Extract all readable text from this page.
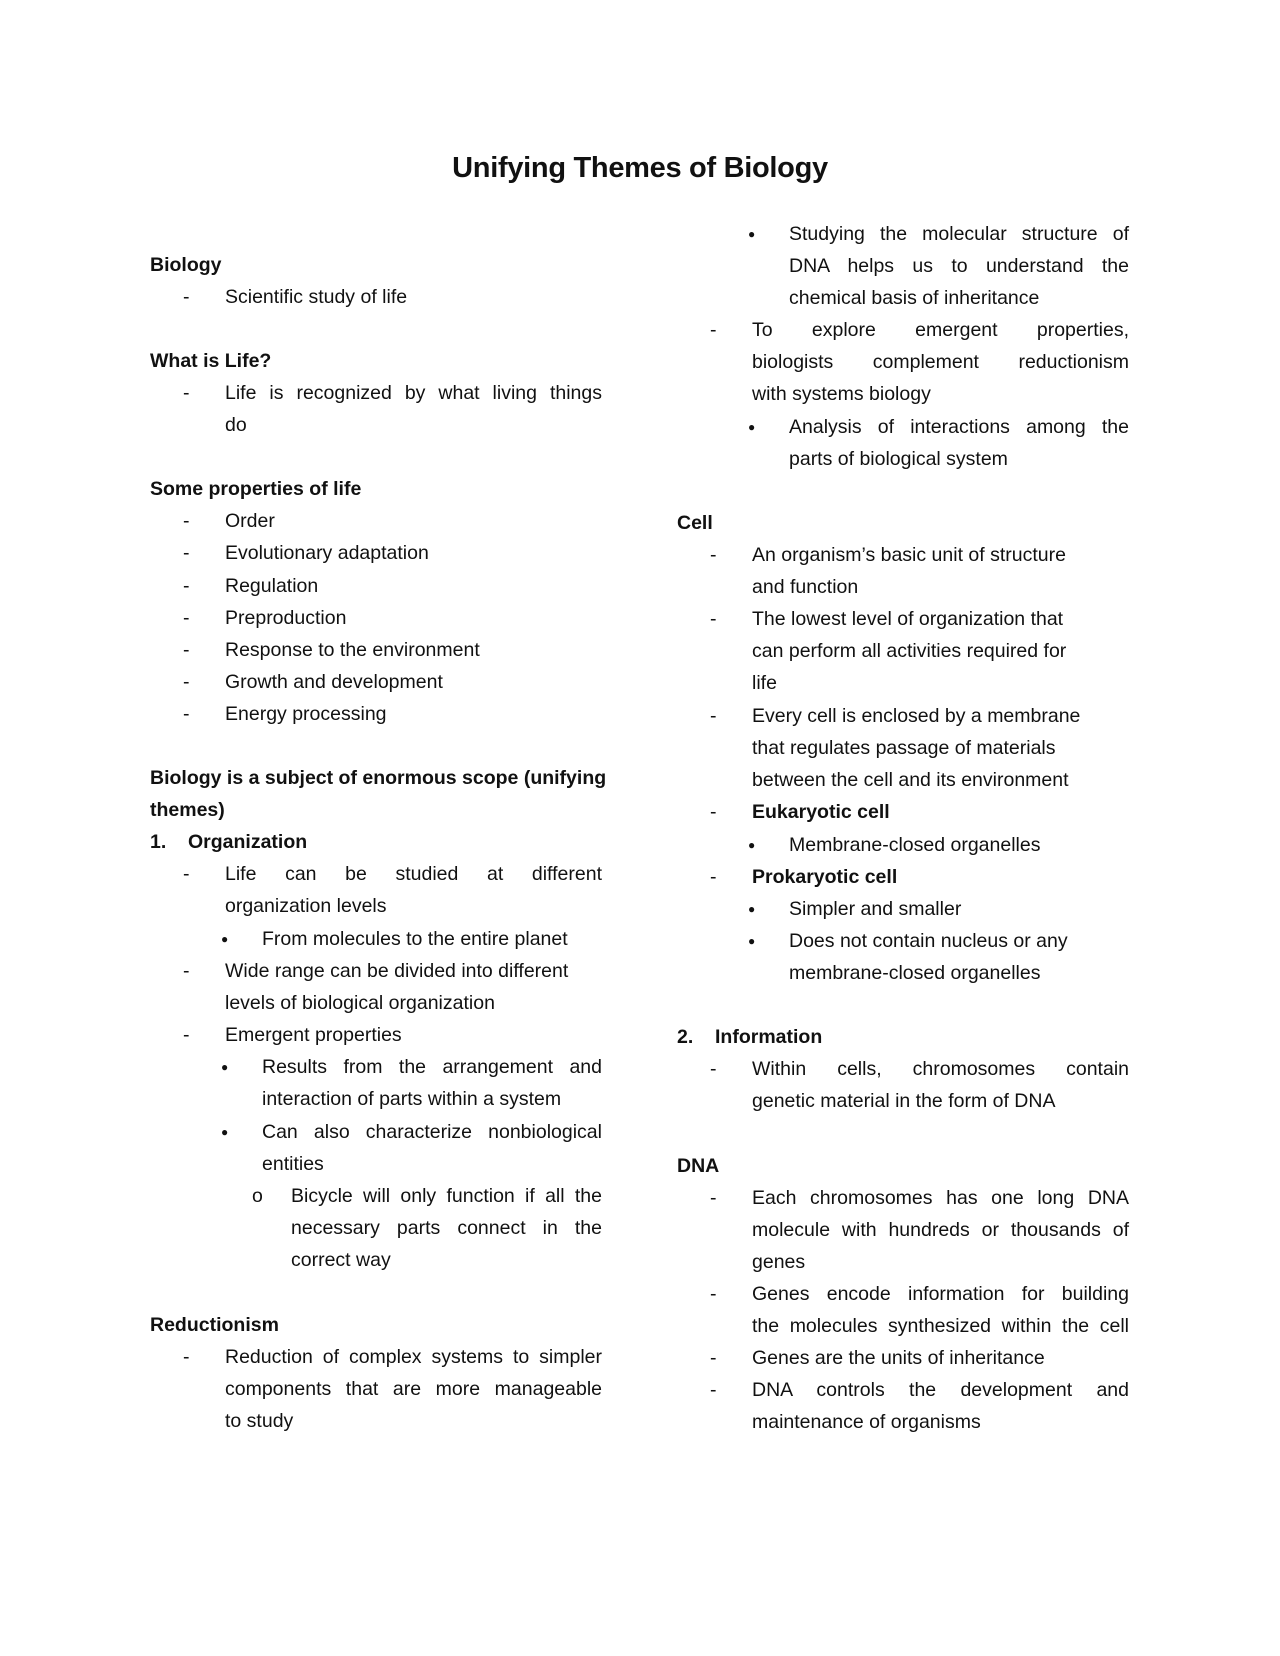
Unifying Themes of Biology
Biology
- Scientific study of life
What is Life?
- Life is recognized by what living things
do
Some properties of life
- Order
- Evolutionary adaptation
- Regulation
- Preproduction
- Response to the environment
- Growth and development
- Energy processing
Biology is a subject of enormous scope (unifying
themes)
1. Organization
- Life can be studied at different
organization levels
● From molecules to the entire planet
- Wide range can be divided into different
levels of biological organization
- Emergent properties
● Results from the arrangement and
interaction of parts within a system
● Can also characterize nonbiological
entities
o Bicycle will only function if all the
necessary parts connect in the
correct way
Reductionism
- Reduction of complex systems to simpler
components that are more manageable
to study
● Studying the molecular structure of
DNA helps us to understand the
chemical basis of inheritance
- To explore emergent properties,
biologists complement reductionism
with systems biology
● Analysis of interactions among the
parts of biological system
Cell
- An organism’s basic unit of structure
and function
- The lowest level of organization that
can perform all activities required for
life
- Every cell is enclosed by a membrane
that regulates passage of materials
between the cell and its environment
- Eukaryotic cell
● Membrane-closed organelles
- Prokaryotic cell
● Simpler and smaller
● Does not contain nucleus or any
membrane-closed organelles
2. Information
- Within cells, chromosomes contain
genetic material in the form of DNA
DNA
- Each chromosomes has one long DNA
molecule with hundreds or thousands of
genes
- Genes encode information for building
the molecules synthesized within the cell
- Genes are the units of inheritance
- DNA controls the development and
maintenance of organisms
